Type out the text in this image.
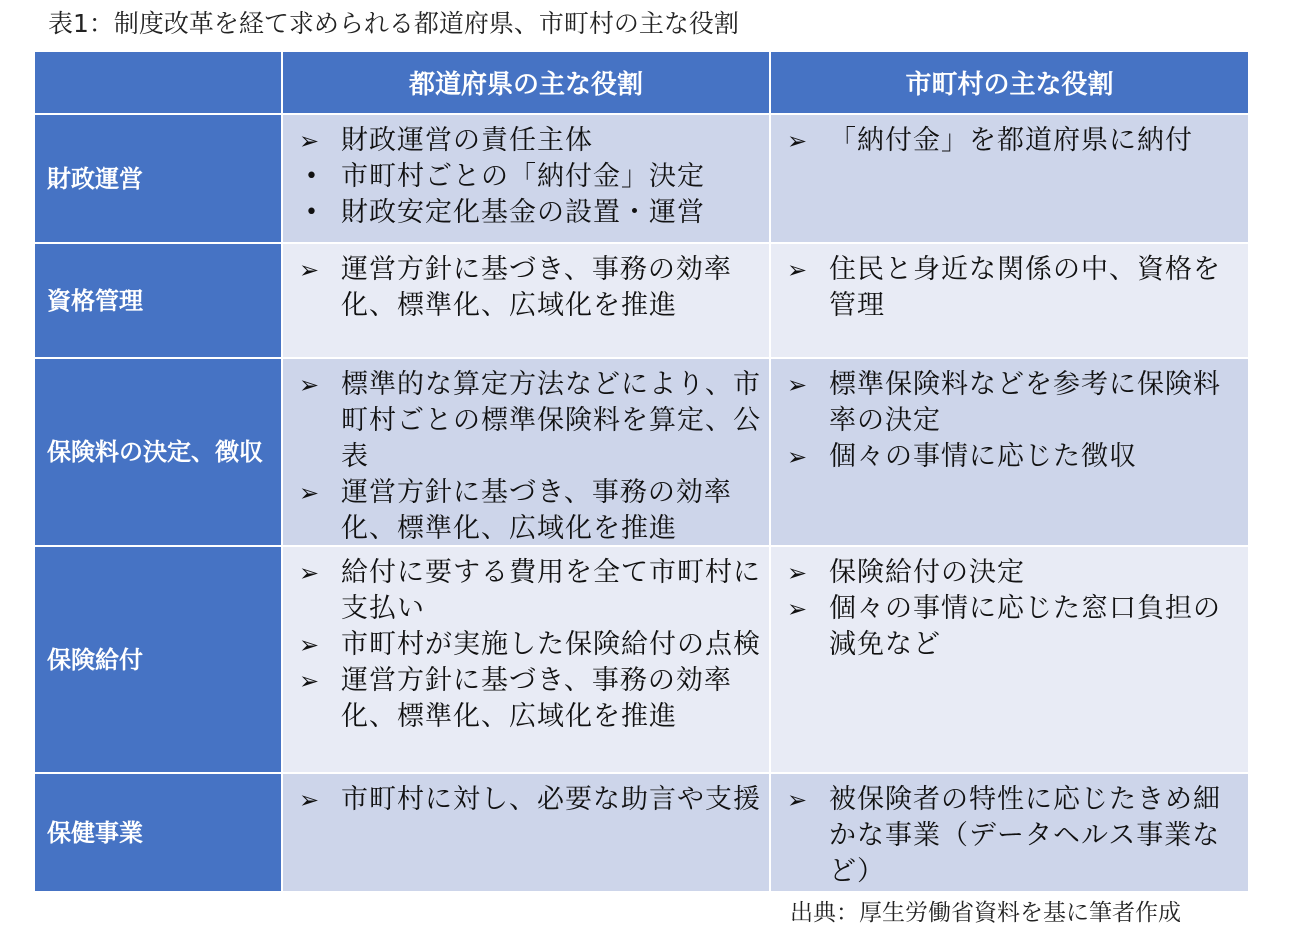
表1：制度改革を経て求められる都道府県、市町村の主な役割
都道府県の主な役割	市町村の主な役割
財政運営
➢ 財政運営の責任主体
• 市町村ごとの「納付金」決定
• 財政安定化基金の設置・運営
➢ 「納付金」を都道府県に納付
資格管理
➢ 運営方針に基づき、事務の効率化、標準化、広域化を推進
➢ 住民と身近な関係の中、資格を管理
保険料の決定、徴収
➢ 標準的な算定方法などにより、市町村ごとの標準保険料を算定、公表
➢ 運営方針に基づき、事務の効率化、標準化、広域化を推進
➢ 標準保険料などを参考に保険料率の決定
➢ 個々の事情に応じた徴収
保険給付
➢ 給付に要する費用を全て市町村に支払い
➢ 市町村が実施した保険給付の点検
➢ 運営方針に基づき、事務の効率化、標準化、広域化を推進
➢ 保険給付の決定
➢ 個々の事情に応じた窓口負担の減免など
保健事業
➢ 市町村に対し、必要な助言や支援 ➢ 被保険者の特性に応じたきめ細かな事業（データヘルス事業など）
出典：厚生労働省資料を基に筆者作成
